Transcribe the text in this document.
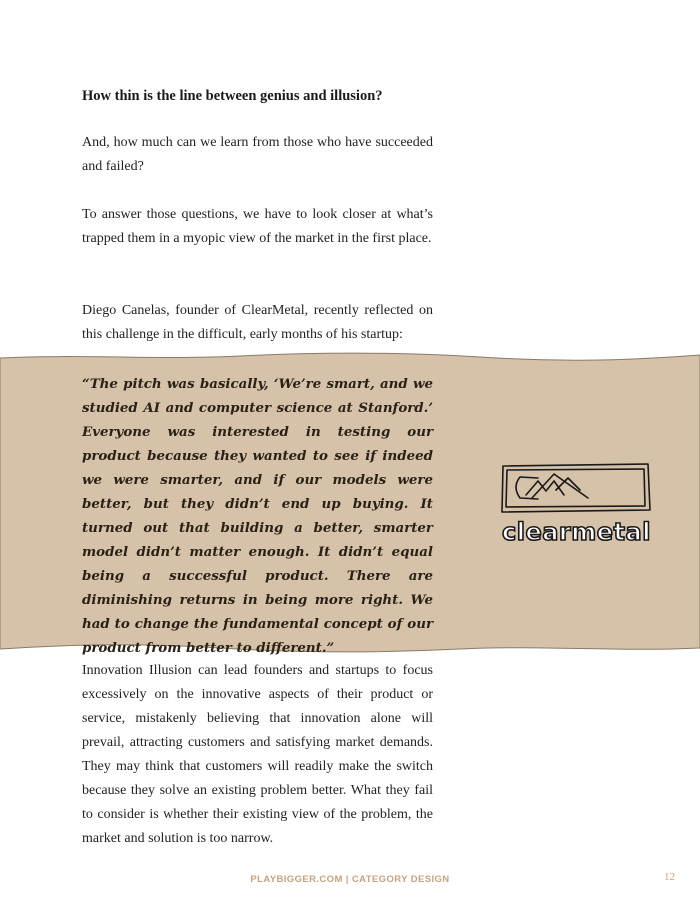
How thin is the line between genius and illusion?

And, how much can we learn from those who have succeeded and failed?

To answer those questions, we have to look closer at what’s trapped them in a myopic view of the market in the first place.

Diego Canelas, founder of ClearMetal, recently reflected on this challenge in the difficult, early months of his startup:

“The pitch was basically, ‘We’re smart, and we studied AI and computer science at Stanford.’ Everyone was interested in testing our product because they wanted to see if indeed we were smarter, and if our models were better, but they didn’t end up buying. It turned out that building a better, smarter model didn’t matter enough. It didn’t equal being a successful product. There are diminishing returns in being more right. We had to change the fundamental concept of our product from better to different.”

clearmetal

Innovation Illusion can lead founders and startups to focus excessively on the innovative aspects of their product or service, mistakenly believing that innovation alone will prevail, attracting customers and satisfying market demands. They may think that customers will readily make the switch because they solve an existing problem better. What they fail to consider is whether their existing view of the problem, the market and solution is too narrow.

PLAYBIGGER.COM | CATEGORY DESIGN	12
